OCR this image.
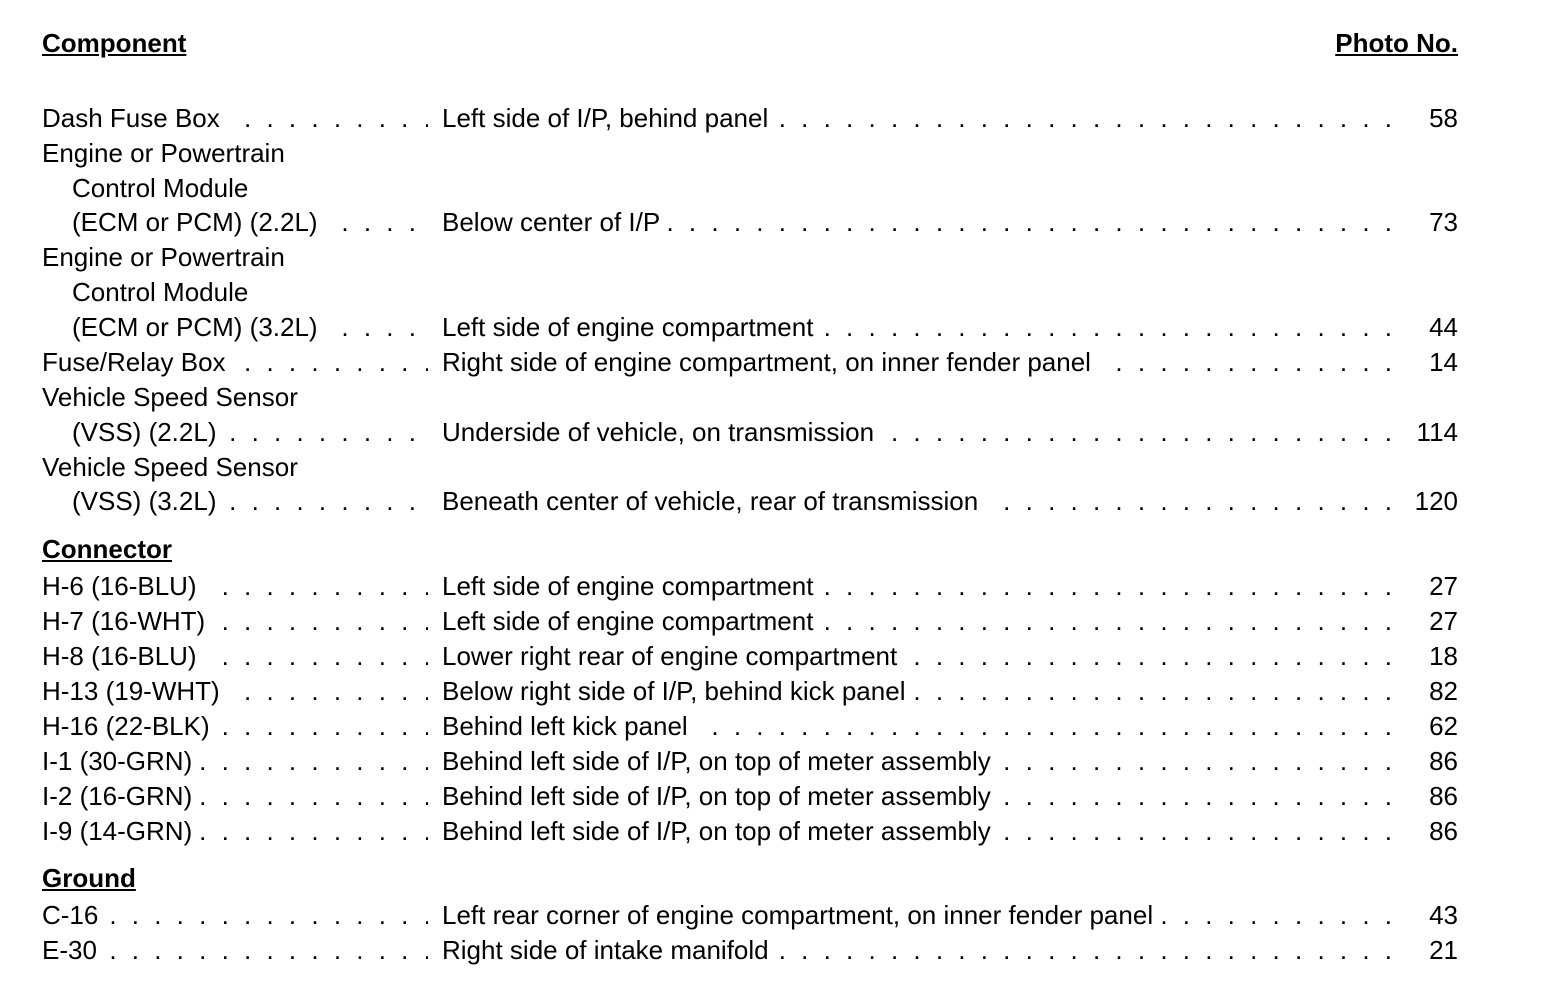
Component	Photo No.
. . .
Dash Fuse Box . . .	Left side of I/P, behind panel	58
Engine or Powertrain
Control Module
. . .
(ECM or PCM) (2.2L) . . .	Below center of I/P	73
Engine or Powertrain
Control Module
. . .
(ECM or PCM) (3.2L) . . .	Left side of engine compartment	44
. . .
Fuse/Relay Box . . .	Right side of engine compartment, on inner fender panel	14
Vehicle Speed Sensor
. . .
(VSS) (2.2L) . . .	Underside of vehicle, on transmission	114
Vehicle Speed Sensor
. . .
(VSS) (3.2L) . . .	Beneath center of vehicle, rear of transmission	120
Connector
. . .
H-6 (16-BLU) . . .	Left side of engine compartment	27
. . .
H-7 (16-WHT) . . .	Left side of engine compartment	27
. . .
H-8 (16-BLU) . . .	Lower right rear of engine compartment	18
. . .
H-13 (19-WHT) . . .	Below right side of I/P, behind kick panel	82
. . .
H-16 (22-BLK) . . .	Behind left kick panel	62
. . .
I-1 (30-GRN) . . .	Behind left side of I/P, on top of meter assembly	86
. . .
I-2 (16-GRN) . . .	Behind left side of I/P, on top of meter assembly	86
. . .
I-9 (14-GRN) . . .	Behind left side of I/P, on top of meter assembly	86
Ground
. . .
C-16 . . .	Left rear corner of engine compartment, on inner fender panel	43
. . .
E-30 . . .	Right side of intake manifold	21
